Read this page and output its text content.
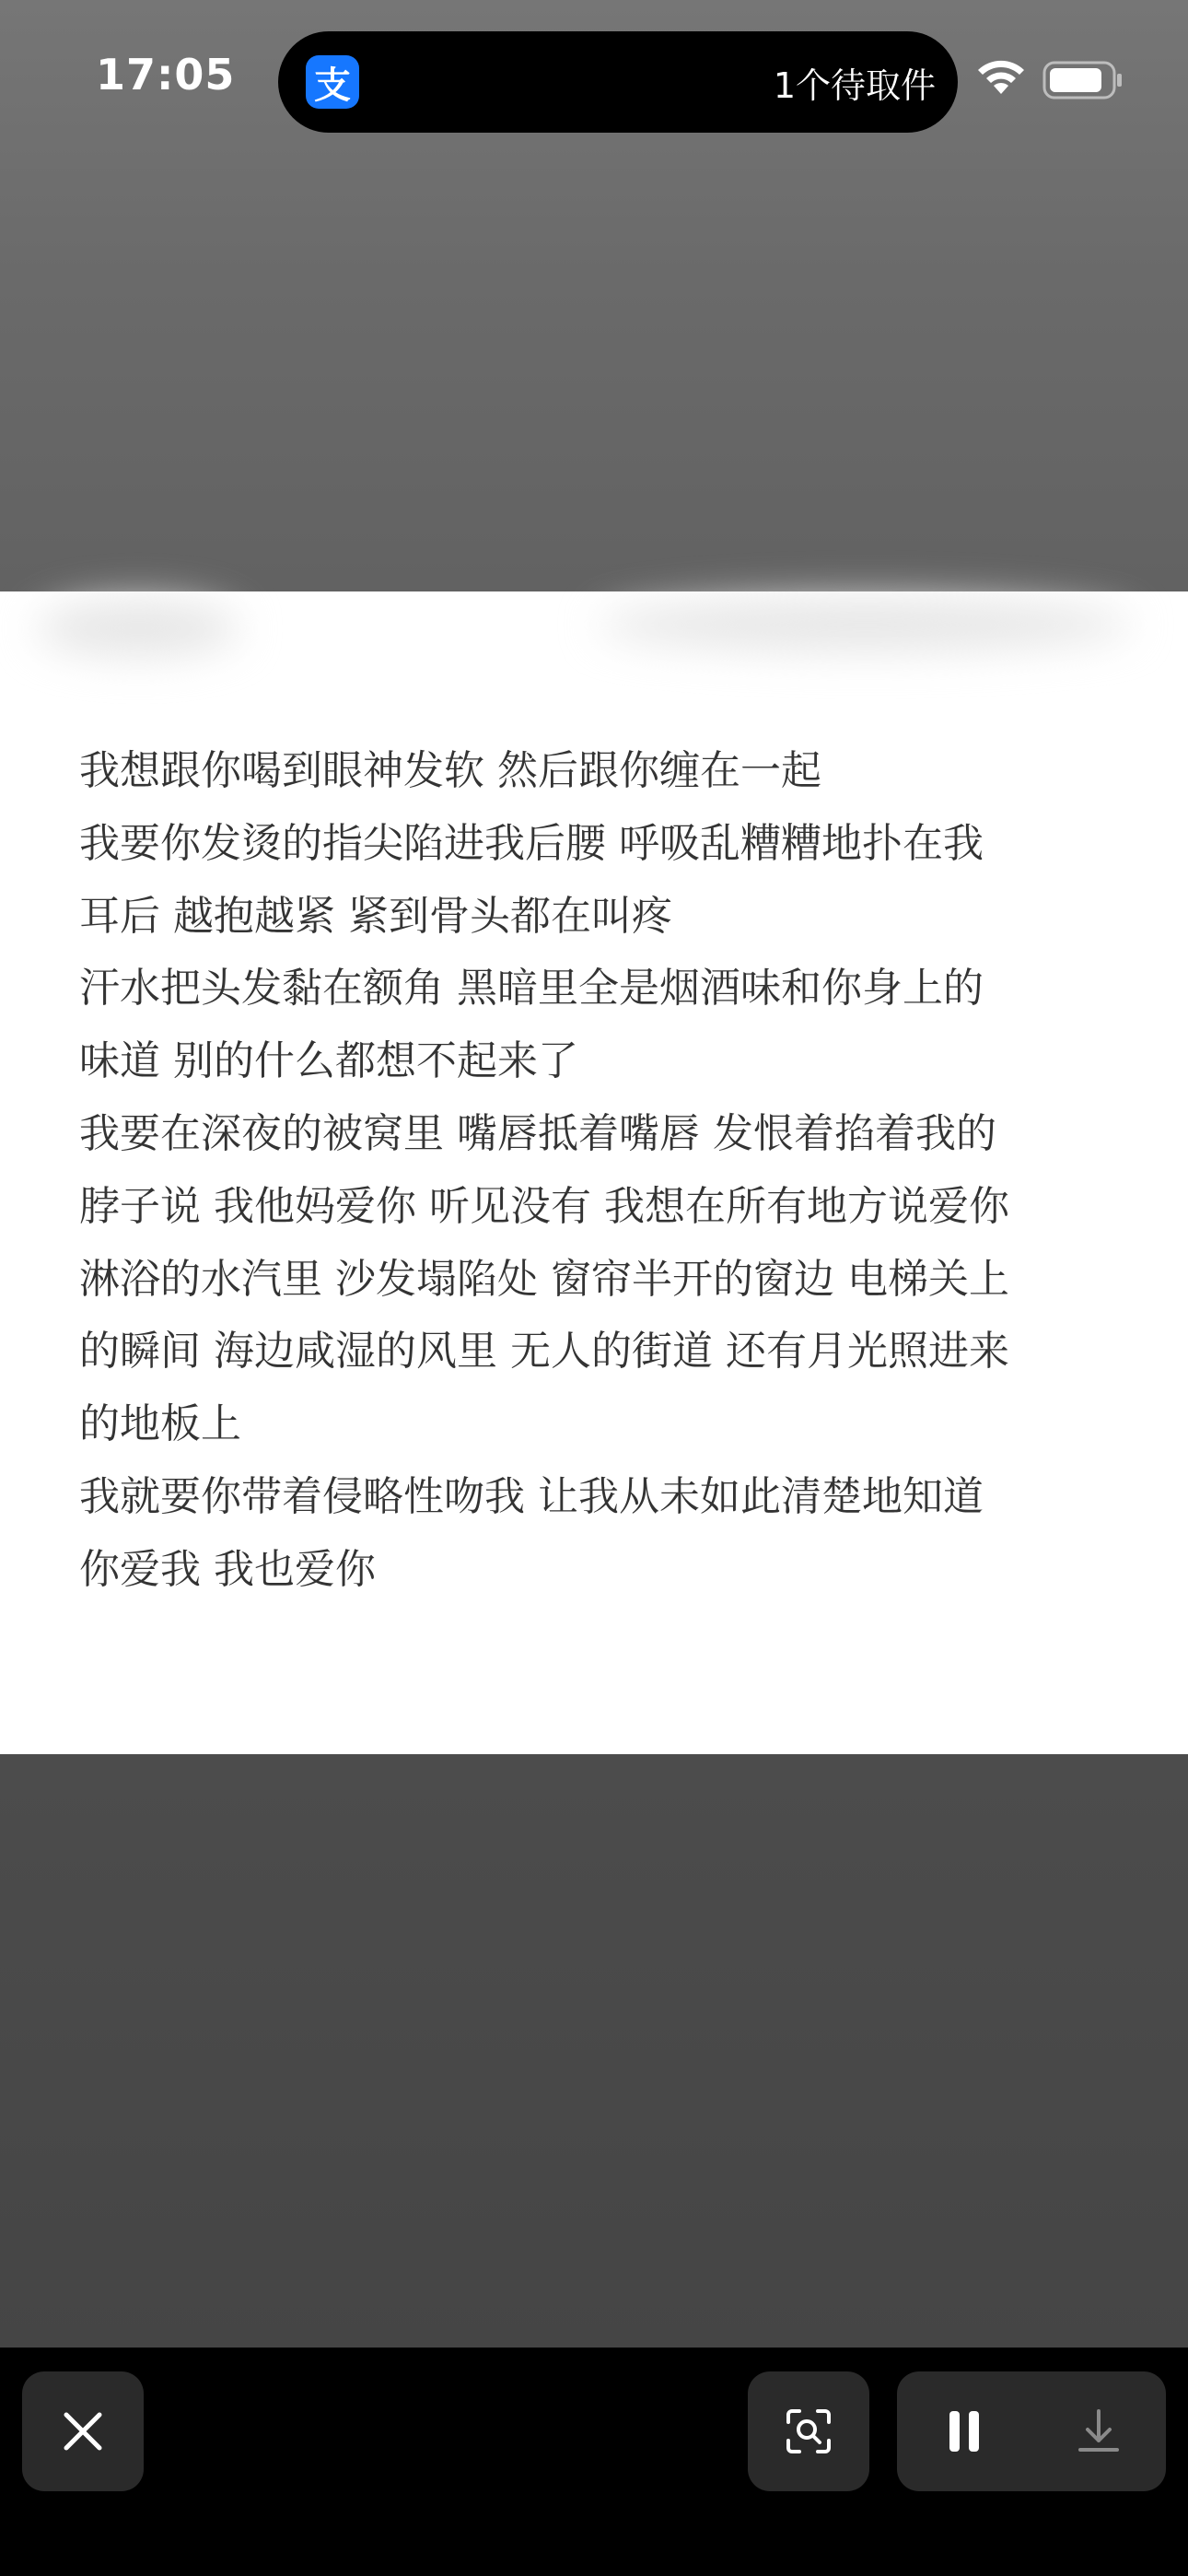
17:05 支	1个待取件

我想跟你喝到眼神发软 然后跟你缠在一起

我要你发烫的指尖陷进我后腰 呼吸乱糟糟地扑在我
耳后 越抱越紧 紧到骨头都在叫疼

汗水把头发黏在额角 黑暗里全是烟酒味和你身上的
味道 别的什么都想不起来了

我要在深夜的被窝里 嘴唇抵着嘴唇 发恨着掐着我的
脖子说 我他妈爱你 听见没有 我想在所有地方说爱你
淋浴的水汽里 沙发塌陷处 窗帘半开的窗边 电梯关上
的瞬间 海边咸湿的风里 无人的街道 还有月光照进来
的地板上

我就要你带着侵略性吻我 让我从未如此清楚地知道
你爱我 我也爱你
